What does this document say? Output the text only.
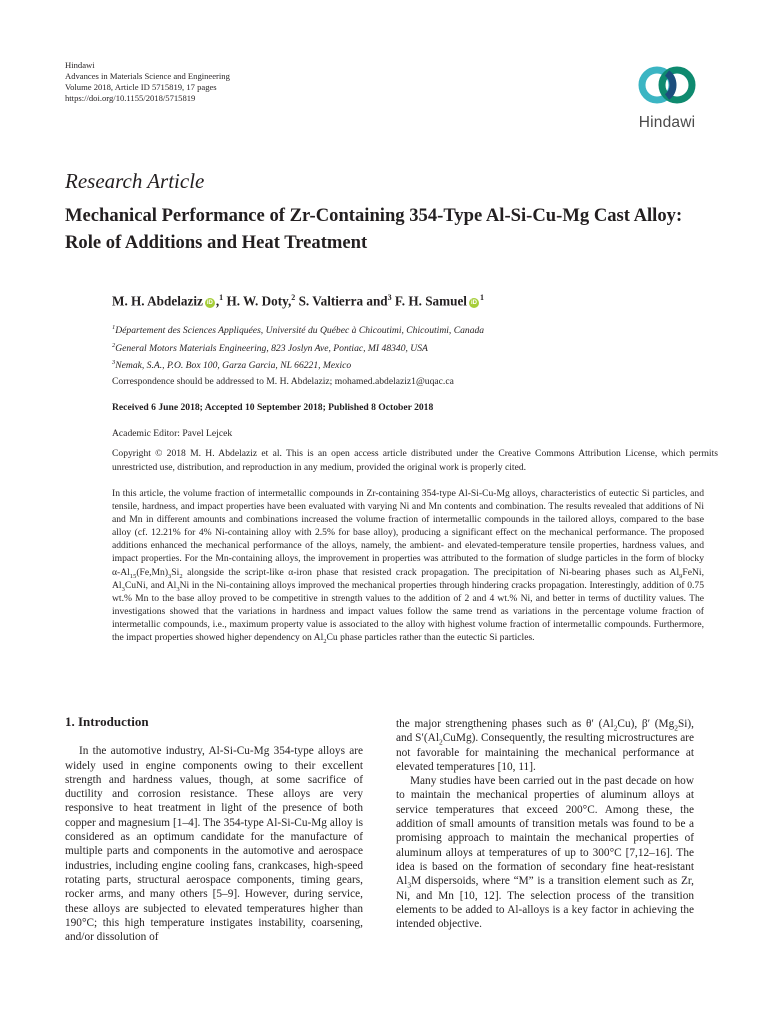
Hindawi
Advances in Materials Science and Engineering
Volume 2018, Article ID 5715819, 17 pages
https://doi.org/10.1155/2018/5715819
Hindawi
Research Article
Mechanical Performance of Zr-Containing 354-Type Al-Si-Cu-Mg Cast Alloy: Role of Additions and Heat Treatment
M. H. Abdelaziz iD ,$^1$ H. W. Doty,$^2$ S. Valtierra and$^3$ F. H. Samuel $iD^1$
$^1$Département des Sciences Appliquées, Université du Québec à Chicoutimi, Chicoutimi, Canada
$^2$General Motors Materials Engineering, 823 Joslyn Ave, Pontiac, MI 48340, USA
$^3$Nemak, S.A., P.O. Box 100, Garza Garcia, NL 66221, Mexico
Correspondence should be addressed to M. H. Abdelaziz; mohamed.abdelaziz1@uqac.ca
Received 6 June 2018; Accepted 10 September 2018; Published 8 October 2018
Academic Editor: Pavel Lejcek
Copyright © 2018 M. H. Abdelaziz et al. This is an open access article distributed under the Creative Commons Attribution License, which permits unrestricted use, distribution, and reproduction in any medium, provided the original work is properly cited.
In this article, the volume fraction of intermetallic compounds in Zr-containing 354-type Al-Si-Cu-Mg alloys, characteristics of eutectic Si particles, and tensile, hardness, and impact properties have been evaluated with varying Ni and Mn contents and combination. The results revealed that additions of Ni and Mn in different amounts and combinations increased the volume fraction of intermetallic compounds in the tailored alloys, compared to the base alloy (cf. 12.21% for 4% Ni-containing alloy with 2.5% for base alloy), producing a significant effect on the mechanical performance. The proposed additions enhanced the mechanical performance of the alloys, namely, the ambient- and elevated-temperature tensile properties, hardness values, and impact properties. For the Mn-containing alloys, the improvement in properties was attributed to the formation of sludge particles in the form of blocky $\alpha-Al_{15}(Fe,Mn)_3Si_2$ alongside the script-like α-iron phase that resisted crack propagation. The precipitation of Ni-bearing phases such as $Al_9FeNi$, $Al_3CuNi$, and $Al_3Ni$ in the Ni-containing alloys improved the mechanical properties through hindering cracks propagation. Interestingly, addition of 0.75 wt.% Mn to the base alloy proved to be competitive in strength values to the addition of 2 and 4 wt.% Ni, and better in terms of ductility values. The investigations showed that the variations in hardness and impact values follow the same trend as variations in the percentage volume fraction of intermetallic compounds, i.e., maximum property value is associated to the alloy with highest volume fraction of intermetallic compounds. Furthermore, the impact properties showed higher dependency on $Al_2Cu$ phase particles rather than the eutectic Si particles.

1. Introduction

In the automotive industry, Al-Si-Cu-Mg 354-type alloys are widely used in engine components owing to their excellent strength and hardness values, though, at some sacrifice of ductility and corrosion resistance. These alloys are very responsive to heat treatment in light of the presence of both copper and magnesium [1–4]. The 354-type Al-Si-Cu-Mg alloy is considered as an optimum candidate for the manufacture of multiple parts and components in the automotive and aerospace industries, including engine cooling fans, crankcases, high-speed rotating parts, structural aerospace components, timing gears, rocker arms, and many others [5–9]. However, during service, these alloys are subjected to elevated temperatures higher than 190°C; this high temperature instigates instability, coarsening, and/or dissolution of

the major strengthening phases such as θ′ $(Al_2Cu)$, β′ $(Mg_2Si)$, and $S'(Al_2CuMg)$. Consequently, the resulting microstructures are not favorable for maintaining the mechanical performance at elevated temperatures [10, 11].

Many studies have been carried out in the past decade on how to maintain the mechanical properties of aluminum alloys at service temperatures that exceed 200°C. Among these, the addition of small amounts of transition metals was found to be a promising approach to maintain the mechanical properties of aluminum alloys at temperatures of up to 300°C [7,12–16]. The idea is based on the formation of secondary fine heat-resistant $Al_3M$ dispersoids, where “M” is a transition element such as Zr, Ni, and Mn [10, 12]. The selection process of the transition elements to be added to Al-alloys is a key factor in achieving the intended objective.
